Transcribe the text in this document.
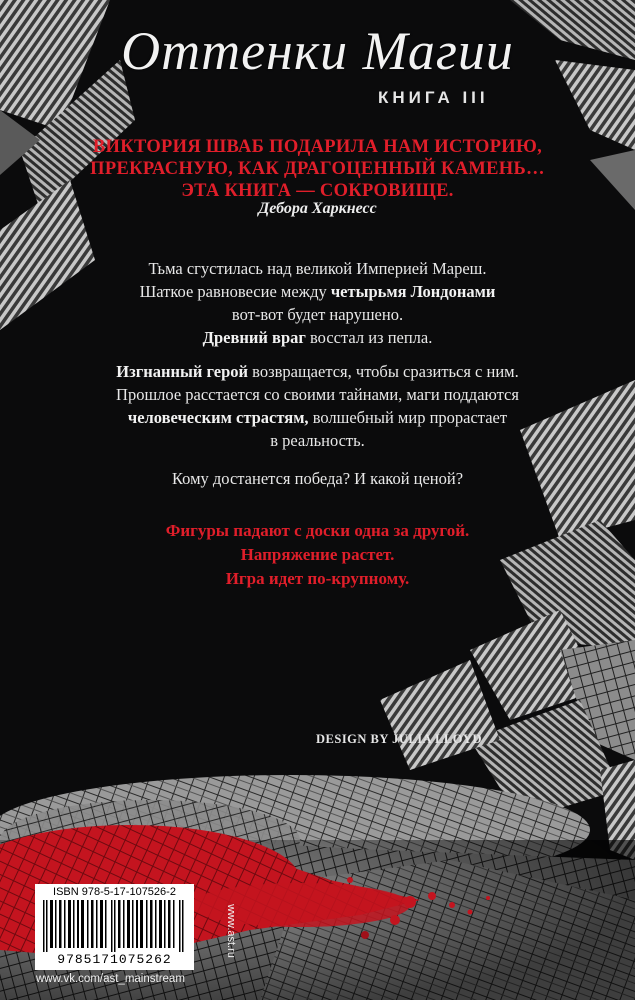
Оттенки Магии
КНИГА III
ВИКТОРИЯ ШВАБ ПОДАРИЛА НАМ ИСТОРИЮ,
ПРЕКРАСНУЮ, КАК ДРАГОЦЕННЫЙ КАМЕНЬ…
ЭТА КНИГА — СОКРОВИЩЕ.
Дебора Харкнесс
Тьма сгустилась над великой Империей Мареш.
Шаткое равновесие между четырьмя Лондонами
вот-вот будет нарушено.
Древний враг восстал из пепла.
Изгнанный герой возвращается, чтобы сразиться с ним.
Прошлое расстается со своими тайнами, маги поддаются
человеческим страстям, волшебный мир прорастает
в реальность.
Кому достанется победа? И какой ценой?
Фигуры падают с доски одна за другой.
Напряжение растет.
Игра идет по-крупному.
DESIGN BY JULIA LLOYD
ISBN 978-5-17-107526-2
9785171075262
www.vk.com/ast_mainstream
www.ast.ru
